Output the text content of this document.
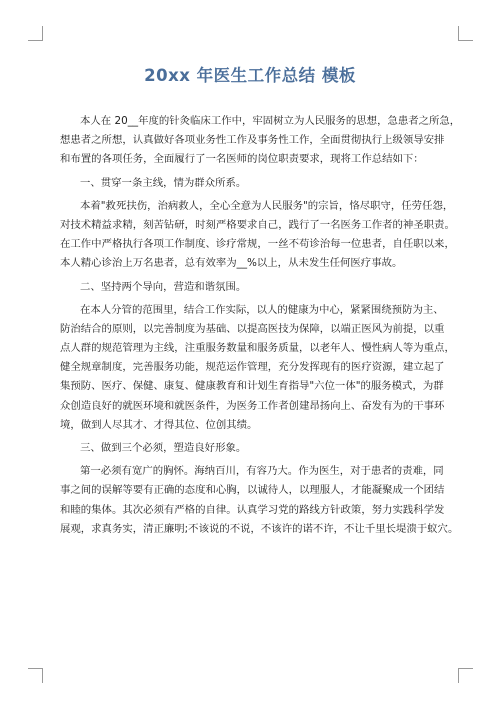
20xx 年医生工作总结 模板
本人在 20__年度的针灸临床工作中，牢固树立为人民服务的思想，急患者之所急，
想患者之所想，认真做好各项业务性工作及事务性工作，全面贯彻执行上级领导安排
和布置的各项任务，全面履行了一名医师的岗位职责要求，现将工作总结如下：
一、贯穿一条主线，情为群众所系。
本着"救死扶伤，治病救人，全心全意为人民服务"的宗旨，恪尽职守，任劳任怨，
对技术精益求精，刻苦钻研，时刻严格要求自己，践行了一名医务工作者的神圣职责。
在工作中严格执行各项工作制度、诊疗常规，一丝不苟诊治每一位患者，自任职以来，
本人精心诊治上万名患者，总有效率为__%以上，从未发生任何医疗事故。
二、坚持两个导向，营造和谐氛围。
在本人分管的范围里，结合工作实际，以人的健康为中心，紧紧围绕预防为主、
防治结合的原则，以完善制度为基础、以提高医技为保障，以端正医风为前提，以重
点人群的规范管理为主线，注重服务数量和服务质量，以老年人、慢性病人等为重点，
健全规章制度，完善服务功能，规范运作管理，充分发挥现有的医疗资源，建立起了
集预防、医疗、保健、康复、健康教育和计划生育指导"六位一体"的服务模式，为群
众创造良好的就医环境和就医条件，为医务工作者创建昂扬向上、奋发有为的干事环
境，做到人尽其才、才得其位、位创其绩。
三、做到三个必须，塑造良好形象。
第一必须有宽广的胸怀。海纳百川，有容乃大。作为医生，对于患者的责难，同
事之间的误解等要有正确的态度和心胸，以诚待人，以理服人，才能凝聚成一个团结
和睦的集体。其次必须有严格的自律。认真学习党的路线方针政策，努力实践科学发
展观，求真务实，清正廉明;不该说的不说，不该许的诺不许，不让千里长堤溃于蚁穴。
